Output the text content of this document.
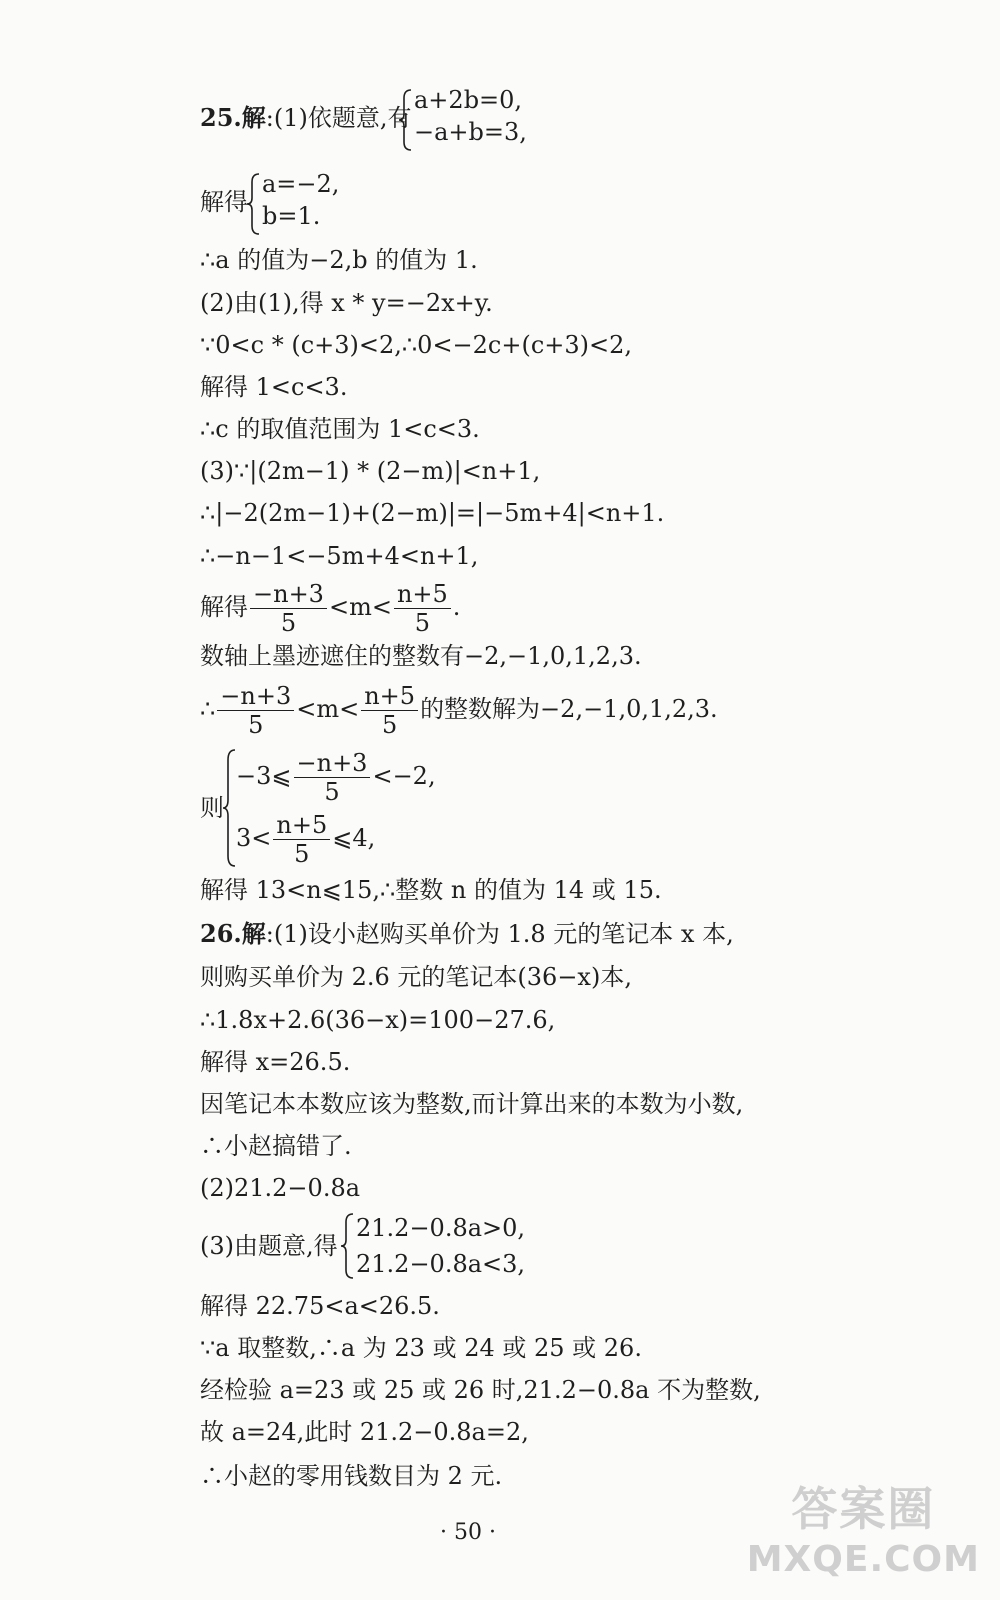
25.解:(1)依题意,有
a+2b=0,
−a+b=3,
解得
a=−2,
b=1.
∴a 的值为−2,b 的值为 1.
(2)由(1),得 x * y=−2x+y.
∵0<c * (c+3)<2,∴0<−2c+(c+3)<2,
解得 1<c<3.
∴c 的取值范围为 1<c<3.
(3)∵|(2m−1) * (2−m)|<n+1,
∴|−2(2m−1)+(2−m)|=|−5m+4|<n+1.
∴−n−1<−5m+4<n+1,
解得 $\frac{-n+3}{5} <m< \frac{n+5}{5}$ .
数轴上墨迹遮住的整数有−2,−1,0,1,2,3.
∴ $\frac{-n+3}{5} <m< \frac{n+5}{5}$ 的整数解为−2,−1,0,1,2,3.
则
−3⩽ $\frac{-n+3}{5} <-2$,
$3< \frac{n+5}{5}$ ⩽4,
解得 13<n⩽15,∴整数 n 的值为 14 或 15.
26.解:(1)设小赵购买单价为 1.8 元的笔记本 x 本,
则购买单价为 2.6 元的笔记本(36−x)本,
∴1.8x+2.6(36−x)=100−27.6,
解得 x=26.5.
因笔记本本数应该为整数,而计算出来的本数为小数,
∴小赵搞错了.
(2)21.2−0.8a
(3)由题意,得
21.2−0.8a>0,
21.2−0.8a<3,
解得 22.75<a<26.5.
∵a 取整数,∴a 为 23 或 24 或 25 或 26.
经检验 a=23 或 25 或 26 时,21.2−0.8a 不为整数,
故 a=24,此时 21.2−0.8a=2,
∴小赵的零用钱数目为 2 元.
· 50 ·	答案圈
MXQE.COM
